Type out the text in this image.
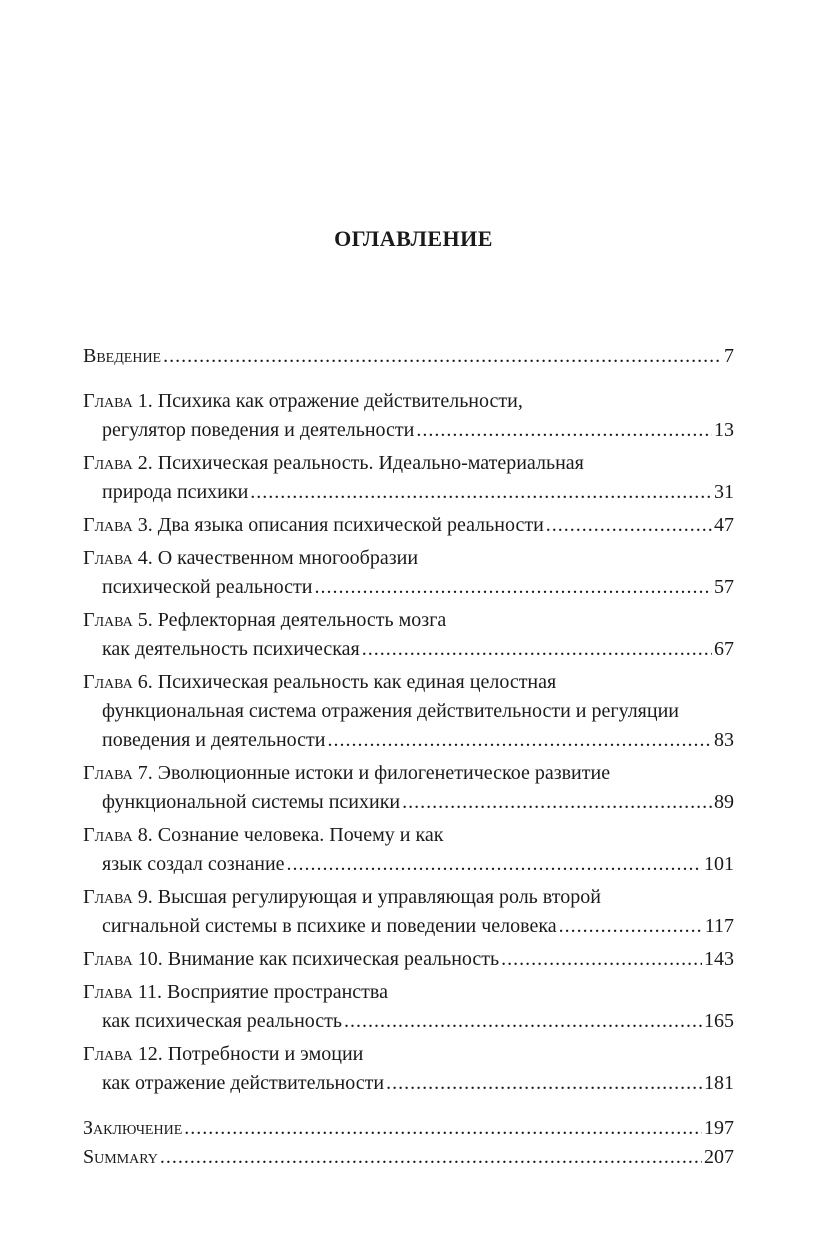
ОГЛАВЛЕНИЕ
Введение .....	7
Глава 1.
Психика как отражение действительности,
регулятор поведения и деятельности .....	13
Глава 2.
Психическая реальность. Идеально-материальная
природа психики .....	31
Глава 3.
Два языка описания психической реальности .....	47
Глава 4.
О качественном многообразии
психической реальности .....	57
Глава 5.
Рефлекторная деятельность мозга
как деятельность психическая .....	67
Глава 6.
Психическая реальность как единая целостная
функциональная система отражения действительности и регуляции
поведения и деятельности .....	83
Глава 7.
Эволюционные истоки и филогенетическое развитие
функциональной системы психики .....	89
Глава 8.
Сознание человека. Почему и как
язык создал сознание .....	101
Глава 9.
Высшая регулирующая и управляющая роль второй
сигнальной системы в психике и поведении человека .....	117
Глава 10.
Внимание как психическая реальность .....	143
Глава 11.
Восприятие пространства
как психическая реальность .....	165
Глава 12.
Потребности и эмоции
как отражение действительности .....	181
Заключение .....	197
Summary .....	207
